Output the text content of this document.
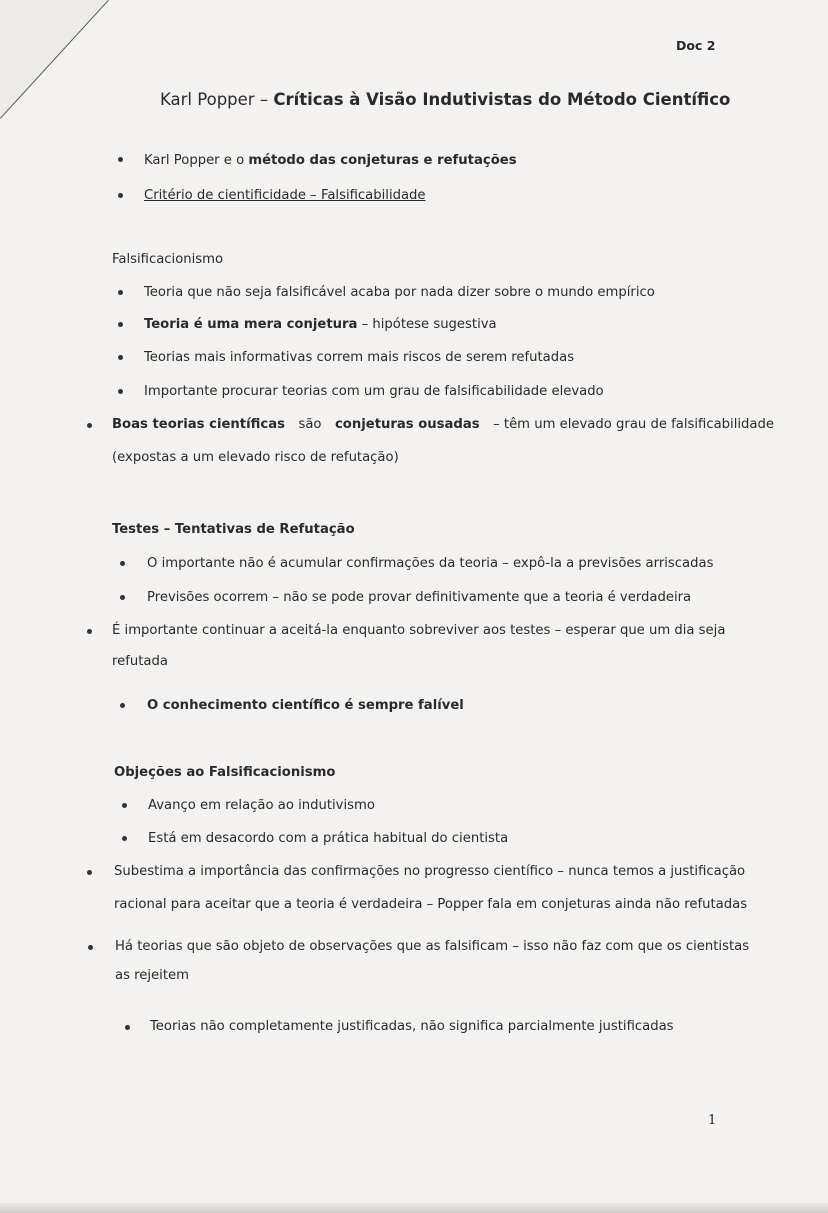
Doc 2
Karl Popper – Críticas à Visão Indutivistas do Método Científico
Karl Popper e o método das conjeturas e refutações
Critério de cientificidade – Falsificabilidade
Falsificacionismo
Teoria que não seja falsificável acaba por nada dizer sobre o mundo empírico
Teoria é uma mera conjetura – hipótese sugestiva
Teorias mais informativas correm mais riscos de serem refutadas
Importante procurar teorias com um grau de falsificabilidade elevado
Boas teorias científicas são conjeturas ousadas – têm um elevado grau de falsificabilidade
(expostas a um elevado risco de refutação)
Testes – Tentativas de Refutação
O importante não é acumular confirmações da teoria – expô-la a previsões arriscadas
Previsões ocorrem – não se pode provar definitivamente que a teoria é verdadeira
É importante continuar a aceitá-la enquanto sobreviver aos testes – esperar que um dia seja
refutada
O conhecimento científico é sempre falível
Objeções ao Falsificacionismo
Avanço em relação ao indutivismo
Está em desacordo com a prática habitual do cientista
Subestima a importância das confirmações no progresso científico – nunca temos a justificação
racional para aceitar que a teoria é verdadeira – Popper fala em conjeturas ainda não refutadas
Há teorias que são objeto de observações que as falsificam – isso não faz com que os cientistas
as rejeitem
Teorias não completamente justificadas, não significa parcialmente justificadas
1
